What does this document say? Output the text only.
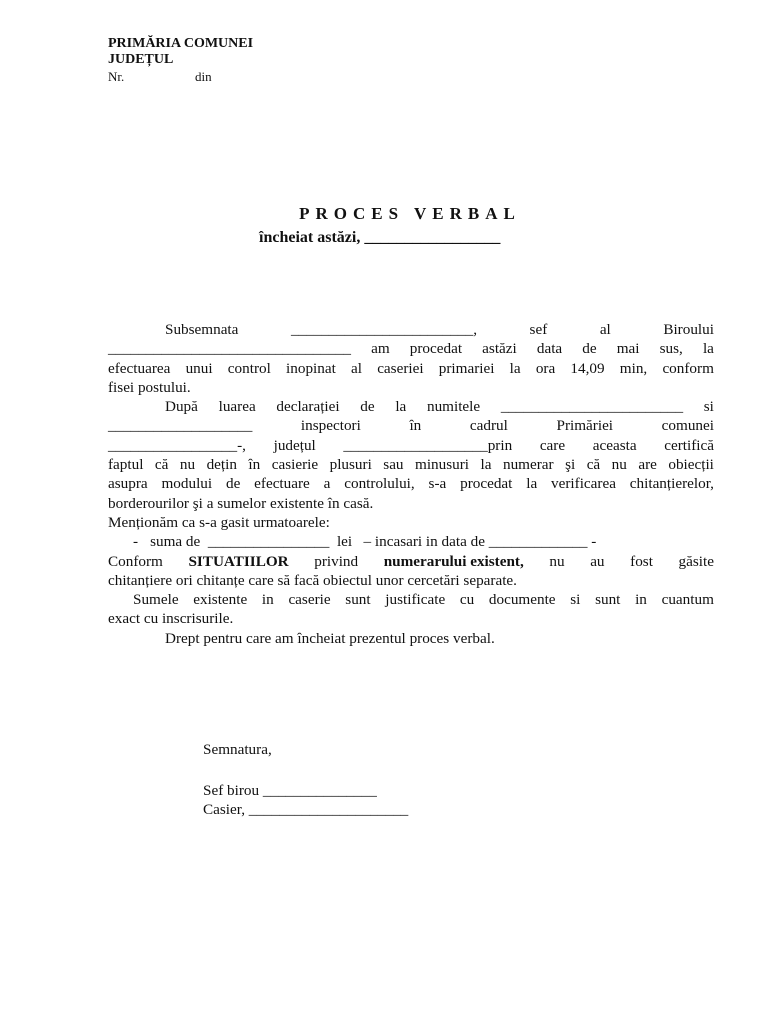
PRIMĂRIA COMUNEI
JUDEȚUL
Nr.	din
PROCES VERBAL
încheiat astăzi, _________________
Subsemnata	________________________,	sef	al	Biroului
________________________________ am procedat astăzi data de mai sus, la
efectuarea unui control inopinat al caseriei primariei la ora 14,09 min, conform
fisei postului.
După luarea declarației de la numitele ________________________ si
___________________	inspectori	în	cadrul	Primăriei	comunei
_________________-, județul ___________________prin care aceasta certifică
faptul că nu dețin în casierie plusuri sau minusuri la numerar şi că nu are obiecții
asupra modului de efectuare a controlului, s-a procedat la verificarea chitanțierelor,
borderourilor şi a sumelor existente în casă.
Menționăm ca s-a gasit urmatoarele:
- suma de  ________________  lei   – incasari in data de _____________ -
Conform SITUATIILOR privind numerarului existent, nu au fost găsite
chitanțiere ori chitanțe care să facă obiectul unor cercetări separate.
Sumele existente in caserie sunt justificate cu documente si sunt in cuantum
exact cu inscrisurile.
Drept pentru care am încheiat prezentul proces verbal.
Semnatura,
Sef birou _______________
Casier, _____________________
